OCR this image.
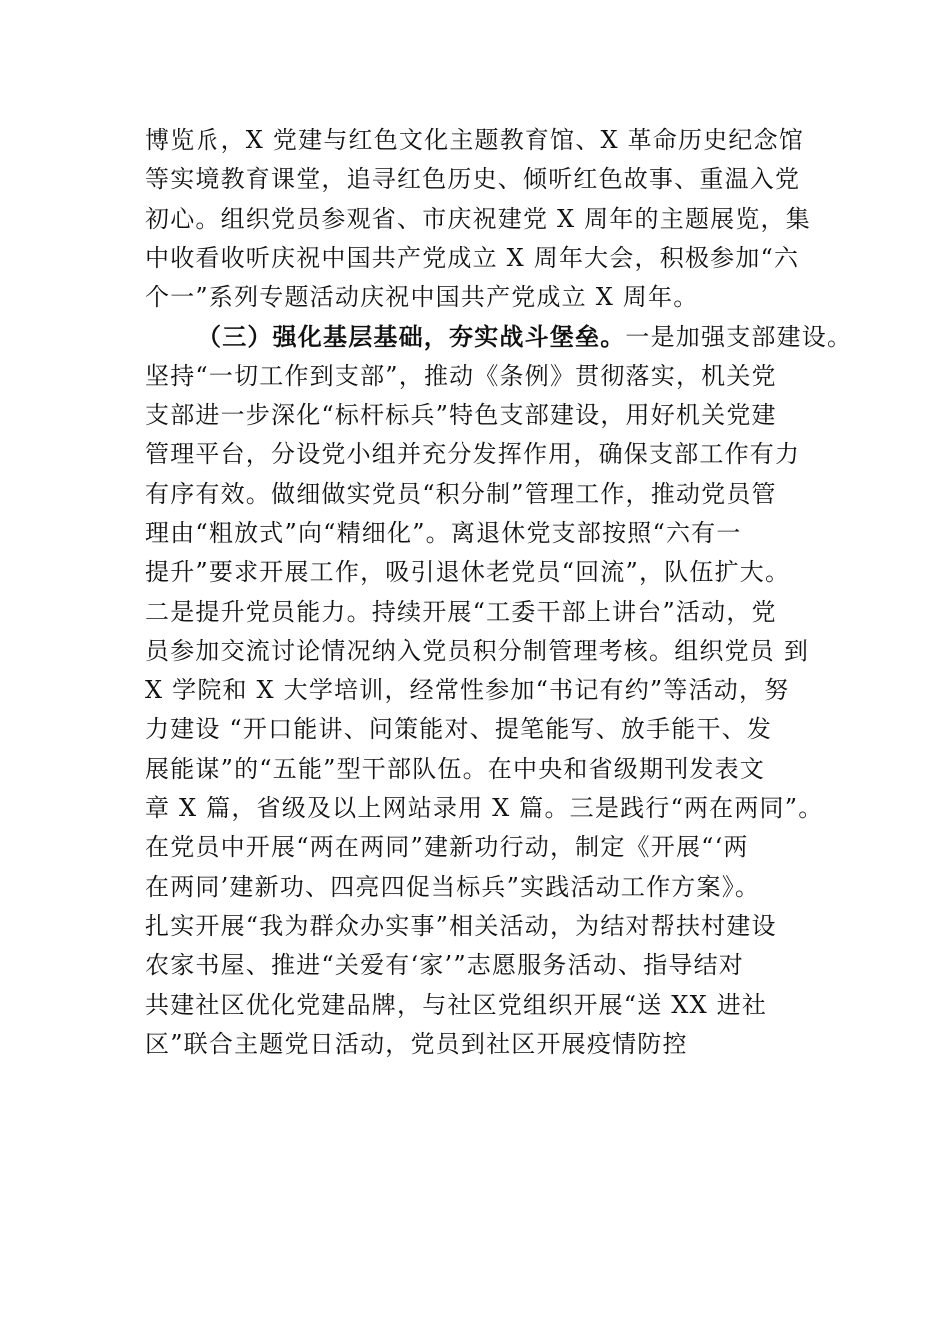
博览𠂢，X 党建与红色文化主题教育馆、X 革命历史纪念馆
等实境教育课堂，追寻红色历史、倾听红色故事、重温入党
初心。组织党员参观省、市庆祝建党 X 周年的主题展览，集
中收看收听庆祝中国共产党成立 X 周年大会，积极参加“六
个一”系列专题活动庆祝中国共产党成立 X 周年。
（三）强化基层基础，夯实战斗堡垒。一是加强支部建设。
坚持“一切工作到支部”，推动《条例》贯彻落实，机关党
支部进一步深化“标杆标兵”特色支部建设，用好机关党建
管理平台，分设党小组并充分发挥作用，确保支部工作有力
有序有效。做细做实党员“积分制”管理工作，推动党员管
理由“粗放式”向“精细化”。离退休党支部按照“六有一
提升”要求开展工作，吸引退休老党员“回流”，队伍扩大。
二是提升党员能力。持续开展“工委干部上讲台”活动，党
员参加交流讨论情况纳入党员积分制管理考核。组织党员 到
X 学院和 X 大学培训，经常性参加“书记有约”等活动，努
力建设 “开口能讲、问策能对、提笔能写、放手能干、发
展能谋”的“五能”型干部队伍。在中央和省级期刊发表文
章 X 篇，省级及以上网站录用 X 篇。三是践行“两在两同”。
在党员中开展“两在两同”建新功行动，制定《开展“‘两
在两同’建新功、四亮四促当标兵”实践活动工作方案》。
扎实开展“我为群众办实事”相关活动，为结对帮扶村建设
农家书屋、推进“关爱有‘家’”志愿服务活动、指导结对
共建社区优化党建品牌，与社区党组织开展“送 XX 进社
区”联合主题党日活动，党员到社区开展疫情防控
